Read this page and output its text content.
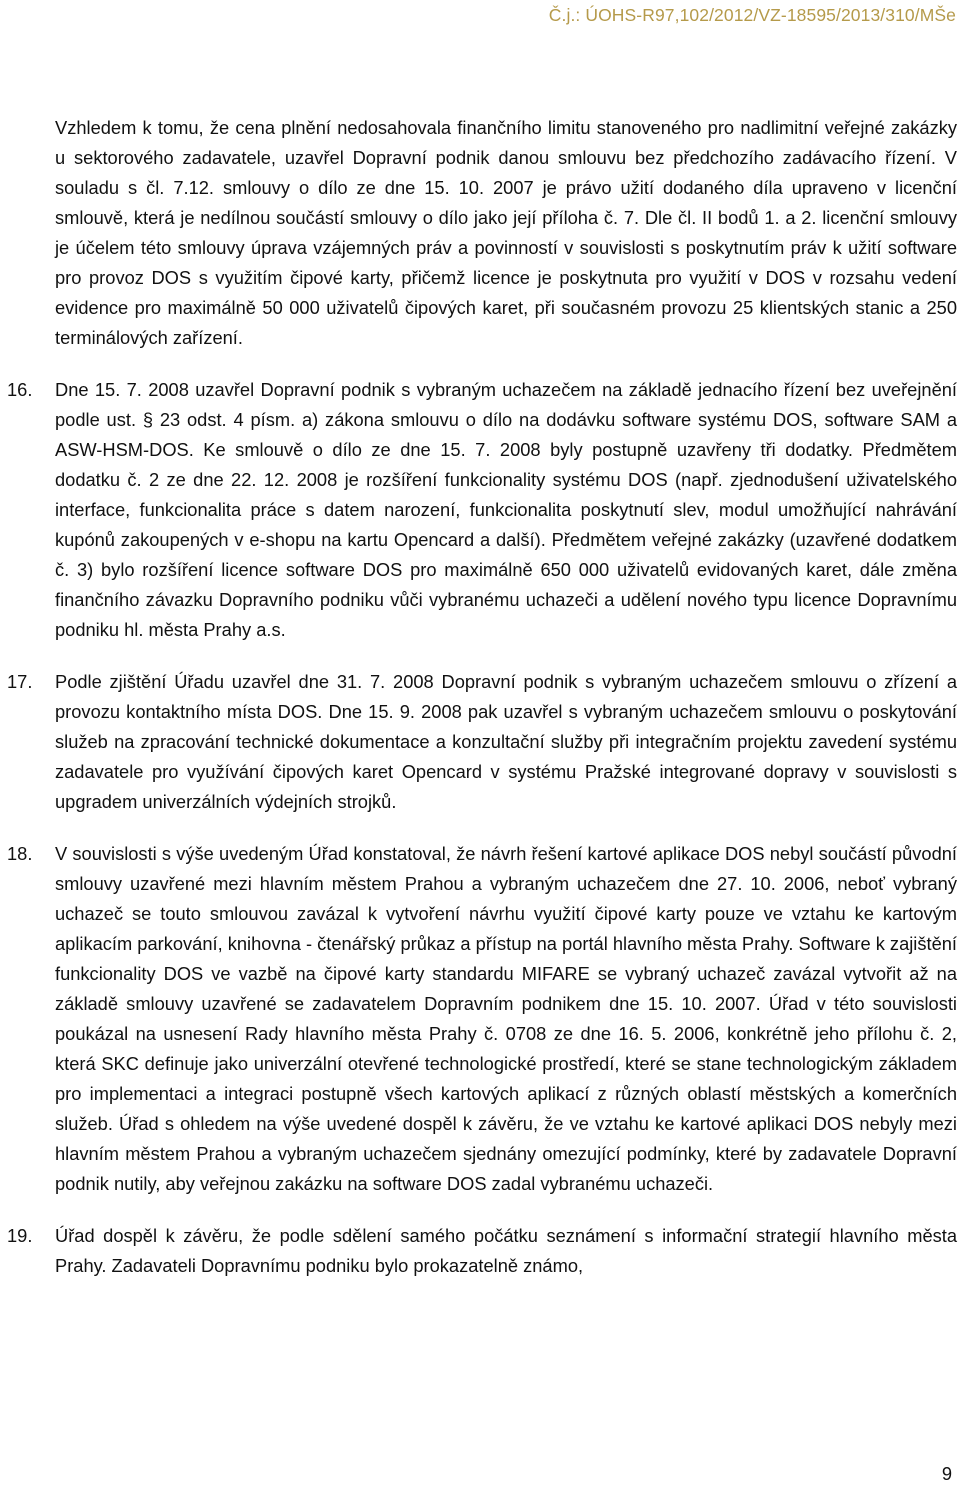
Č.j.: ÚOHS-R97,102/2012/VZ-18595/2013/310/MŠe

Vzhledem k tomu, že cena plnění nedosahovala finančního limitu stanoveného pro nadlimitní veřejné zakázky u sektorového zadavatele, uzavřel Dopravní podnik danou smlouvu bez předchozího zadávacího řízení. V souladu s čl. 7.12. smlouvy o dílo ze dne 15. 10. 2007 je právo užití dodaného díla upraveno v licenční smlouvě, která je nedílnou součástí smlouvy o dílo jako její příloha č. 7. Dle čl. II bodů 1. a 2. licenční smlouvy je účelem této smlouvy úprava vzájemných práv a povinností v souvislosti s poskytnutím práv k užití software pro provoz DOS s využitím čipové karty, přičemž licence je poskytnuta pro využití v DOS v rozsahu vedení evidence pro maximálně 50 000 uživatelů čipových karet, při současném provozu 25 klientských stanic a 250 terminálových zařízení.

16. Dne 15. 7. 2008 uzavřel Dopravní podnik s vybraným uchazečem na základě jednacího řízení bez uveřejnění podle ust. § 23 odst. 4 písm. a) zákona smlouvu o dílo na dodávku software systému DOS, software SAM a ASW-HSM-DOS. Ke smlouvě o dílo ze dne 15. 7. 2008 byly postupně uzavřeny tři dodatky. Předmětem dodatku č. 2 ze dne 22. 12. 2008 je rozšíření funkcionality systému DOS (např. zjednodušení uživatelského interface, funkcionalita práce s datem narození, funkcionalita poskytnutí slev, modul umožňující nahrávání kupónů zakoupených v e-shopu na kartu Opencard a další). Předmětem veřejné zakázky (uzavřené dodatkem č. 3) bylo rozšíření licence software DOS pro maximálně 650 000 uživatelů evidovaných karet, dále změna finančního závazku Dopravního podniku vůči vybranému uchazeči a udělení nového typu licence Dopravnímu podniku hl. města Prahy a.s.

17. Podle zjištění Úřadu uzavřel dne 31. 7. 2008 Dopravní podnik s vybraným uchazečem smlouvu o zřízení a provozu kontaktního místa DOS. Dne 15. 9. 2008 pak uzavřel s vybraným uchazečem smlouvu o poskytování služeb na zpracování technické dokumentace a konzultační služby při integračním projektu zavedení systému zadavatele pro využívání čipových karet Opencard v systému Pražské integrované dopravy v souvislosti s upgradem univerzálních výdejních strojků.

18. V souvislosti s výše uvedeným Úřad konstatoval, že návrh řešení kartové aplikace DOS nebyl součástí původní smlouvy uzavřené mezi hlavním městem Prahou a vybraným uchazečem dne 27. 10. 2006, neboť vybraný uchazeč se touto smlouvou zavázal k vytvoření návrhu využití čipové karty pouze ve vztahu ke kartovým aplikacím parkování, knihovna - čtenářský průkaz a přístup na portál hlavního města Prahy. Software k zajištění funkcionality DOS ve vazbě na čipové karty standardu MIFARE se vybraný uchazeč zavázal vytvořit až na základě smlouvy uzavřené se zadavatelem Dopravním podnikem dne 15. 10. 2007. Úřad v této souvislosti poukázal na usnesení Rady hlavního města Prahy č. 0708 ze dne 16. 5. 2006, konkrétně jeho přílohu č. 2, která SKC definuje jako univerzální otevřené technologické prostředí, které se stane technologickým základem pro implementaci a integraci postupně všech kartových aplikací z různých oblastí městských a komerčních služeb. Úřad s ohledem na výše uvedené dospěl k závěru, že ve vztahu ke kartové aplikaci DOS nebyly mezi hlavním městem Prahou a vybraným uchazečem sjednány omezující podmínky, které by zadavatele Dopravní podnik nutily, aby veřejnou zakázku na software DOS zadal vybranému uchazeči.

19. Úřad dospěl k závěru, že podle sdělení samého počátku seznámení s informační strategií hlavního města Prahy. Zadavateli Dopravnímu podniku bylo prokazatelně známo,

9
